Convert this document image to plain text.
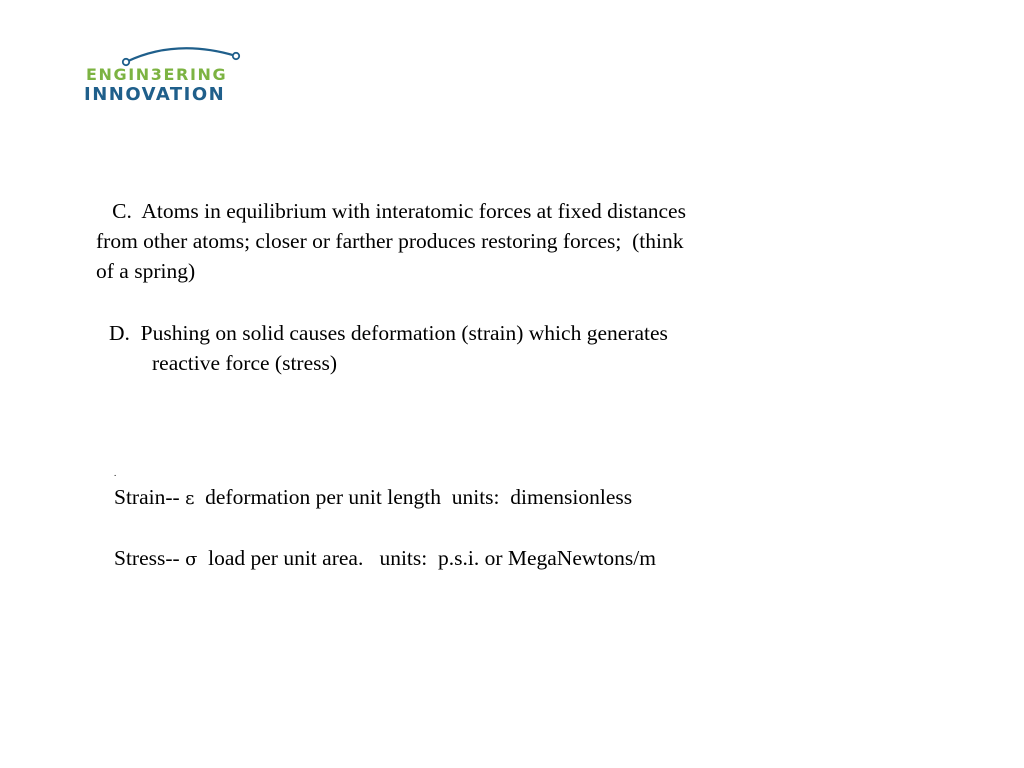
ENGIN3ERING
INNOVATION
C.  Atoms in equilibrium with interatomic forces at fixed distances
from other atoms; closer or farther produces restoring forces;  (think
of a spring)
D.  Pushing on solid causes deformation (strain) which generates
reactive force (stress)
.
Strain-- ε  deformation per unit length  units:  dimensionless
Stress-- σ  load per unit area.   units:  p.s.i. or MegaNewtons/m
